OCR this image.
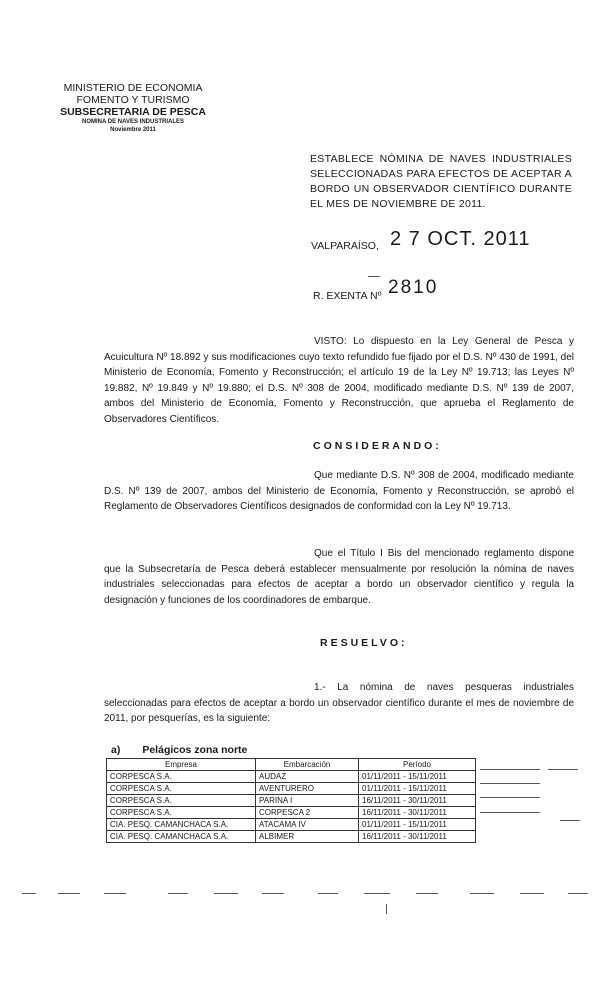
MINISTERIO DE ECONOMIA
FOMENTO Y TURISMO
SUBSECRETARIA DE PESCA
NOMINA DE NAVES INDUSTRIALES
Noviembre 2011
ESTABLECE NÓMINA DE NAVES INDUSTRIALES SELECCIONADAS PARA EFECTOS DE ACEPTAR A BORDO UN OBSERVADOR CIENTÍFICO DURANTE EL MES DE NOVIEMBRE DE 2011.
VALPARAÍSO, 2 7 OCT. 2011
R. EXENTA Nº 2810
VISTO: Lo dispuesto en la Ley General de Pesca y Acuicultura Nº 18.892 y sus modificaciones cuyo texto refundido fue fijado por el D.S. Nº 430 de 1991, del Ministerio de Economía, Fomento y Reconstrucción; el artículo 19 de la Ley Nº 19.713; las Leyes Nº 19.882, Nº 19.849 y Nº 19.880; el D.S. Nº 308 de 2004, modificado mediante D.S. Nº 139 de 2007, ambos del Ministerio de Economía, Fomento y Reconstrucción, que aprueba el Reglamento de Observadores Científicos.
CONSIDERANDO:
Que mediante D.S. Nº 308 de 2004, modificado mediante D.S. Nº 139 de 2007, ambos del Ministerio de Economía, Fomento y Reconstrucción, se aprobó el Reglamento de Observadores Científicos designados de conformidad con la Ley Nº 19.713.
Que el Título I Bis del mencionado reglamento dispone que la Subsecretaría de Pesca deberá establecer mensualmente por resolución la nómina de naves industriales seleccionadas para efectos de aceptar a bordo un observador científico y regula la designación y funciones de los coordinadores de embarque.
RESUELVO:
1.- La nómina de naves pesqueras industriales seleccionadas para efectos de aceptar a bordo un observador científico durante el mes de noviembre de 2011, por pesquerías, es la siguiente:
a) Pelágicos zona norte
Empresa	Embarcación	Período
CORPESCA S.A.	AUDAZ	01/11/2011 - 15/11/2011
CORPESCA S.A.	AVENTURERO	01/11/2011 - 15/11/2011
CORPESCA S.A.	PARINA I	16/11/2011 - 30/11/2011
CORPESCA S.A.	CORPESCA 2	16/11/2011 - 30/11/2011
CIA. PESQ. CAMANCHACA S.A.	ATACAMA IV	01/11/2011 - 15/11/2011
CIA. PESQ. CAMANCHACA S.A.	ALBIMER	16/11/2011 - 30/11/2011
